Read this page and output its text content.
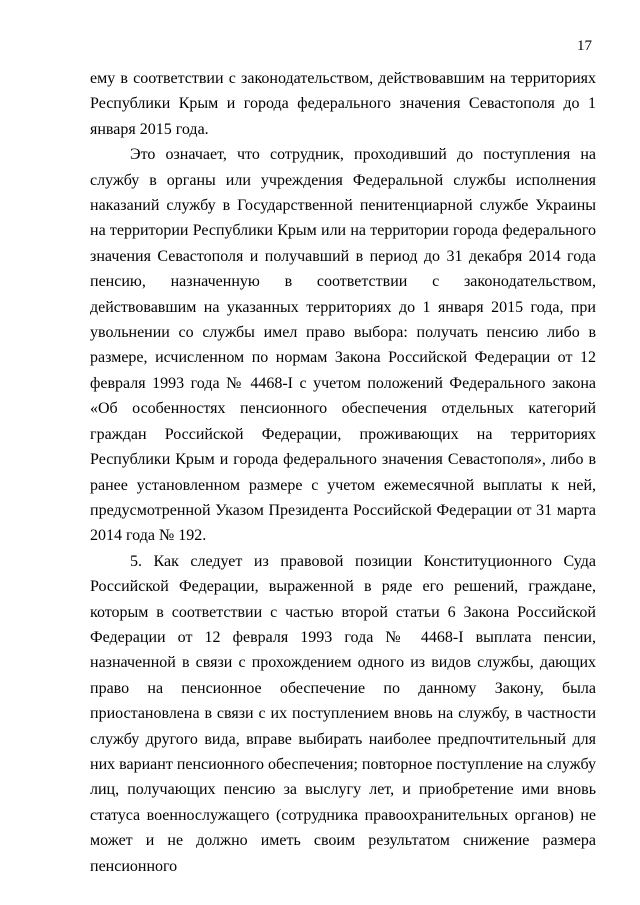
17

ему в соответствии с законодательством, действовавшим на территориях Республики Крым и города федерального значения Севастополя до 1 января 2015 года.

Это означает, что сотрудник, проходивший до поступления на службу в органы или учреждения Федеральной службы исполнения наказаний службу в Государственной пенитенциарной службе Украины на территории Республики Крым или на территории города федерального значения Севастополя и получавший в период до 31 декабря 2014 года пенсию, назначенную в соответствии с законодательством, действовавшим на указанных территориях до 1 января 2015 года, при увольнении со службы имел право выбора: получать пенсию либо в размере, исчисленном по нормам Закона Российской Федерации от 12 февраля 1993 года № 4468-I с учетом положений Федерального закона «Об особенностях пенсионного обеспечения отдельных категорий граждан Российской Федерации, проживающих на территориях Республики Крым и города федерального значения Севастополя», либо в ранее установленном размере с учетом ежемесячной выплаты к ней, предусмотренной Указом Президента Российской Федерации от 31 марта 2014 года № 192.

5. Как следует из правовой позиции Конституционного Суда Российской Федерации, выраженной в ряде его решений, граждане, которым в соответствии с частью второй статьи 6 Закона Российской Федерации от 12 февраля 1993 года № 4468-I выплата пенсии, назначенной в связи с прохождением одного из видов службы, дающих право на пенсионное обеспечение по данному Закону, была приостановлена в связи с их поступлением вновь на службу, в частности службу другого вида, вправе выбирать наиболее предпочтительный для них вариант пенсионного обеспечения; повторное поступление на службу лиц, получающих пенсию за выслугу лет, и приобретение ими вновь статуса военнослужащего (сотрудника правоохранительных органов) не может и не должно иметь своим результатом снижение размера пенсионного
